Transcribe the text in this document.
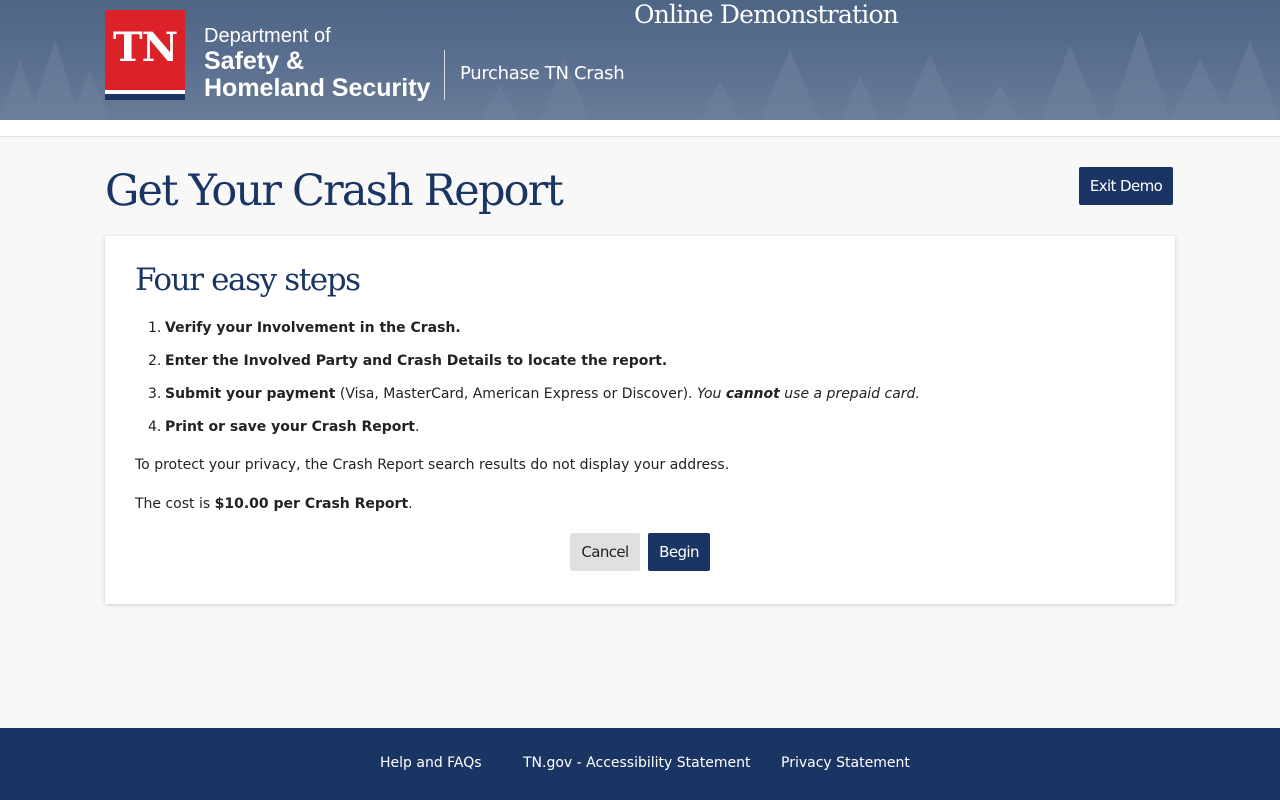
TN	Department of
Safety &
Homeland Security
Purchase TN Crash
Online Demonstration
Get Your Crash Report	Exit Demo
Four easy steps
1. Verify your Involvement in the Crash.
2. Enter the Involved Party and Crash Details to locate the report.
3. Submit your payment (Visa, MasterCard, American Express or Discover). You cannot use a prepaid card.
4. Print or save your Crash Report.

To protect your privacy, the Crash Report search results do not display your address.

The cost is $10.00 per Crash Report.

Cancel	Begin
Help and FAQs	TN.gov - Accessibility Statement Privacy Statement
